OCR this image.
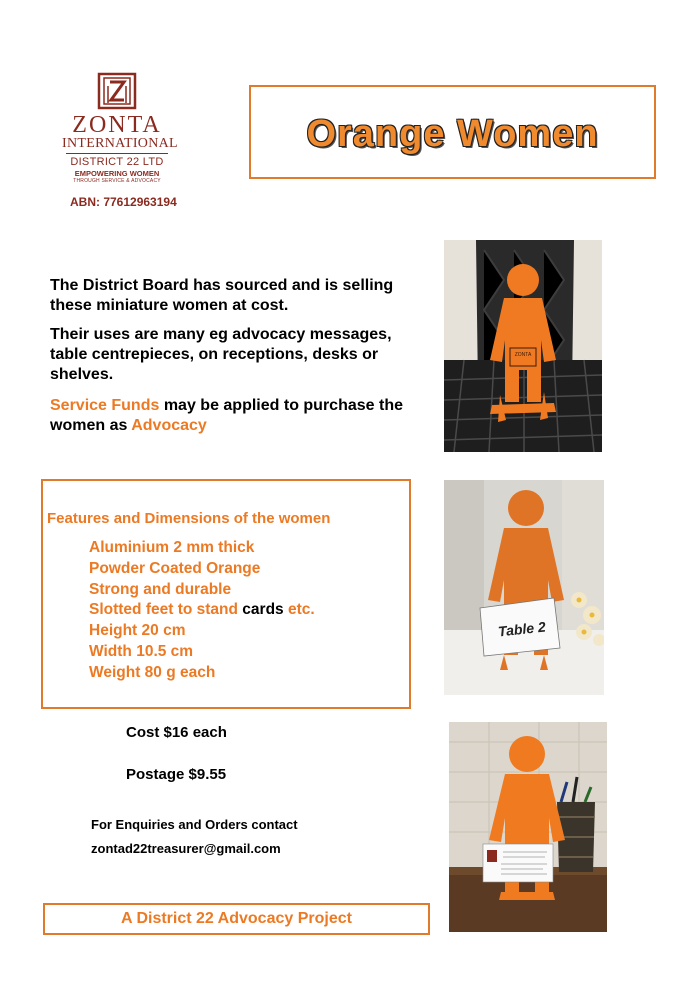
ZONTA
INTERNATIONAL
DISTRICT 22 LTD
EMPOWERING WOMEN
THROUGH SERVICE & ADVOCACY
ABN: 77612963194
Orange Women
The District Board has sourced and is selling these miniature women at cost.
Their uses are many eg advocacy messages, table centrepieces, on receptions, desks or shelves.
Service Funds may be applied to purchase the women as Advocacy
Features and Dimensions of the women
Aluminium 2 mm thick
Powder Coated Orange
Strong and durable
Slotted feet to stand cards etc.
Height 20 cm
Width 10.5 cm
Weight 80 g each
Cost $16 each
Postage $9.55
For Enquiries and Orders contact
zontad22treasurer@gmail.com
A District 22 Advocacy Project
ZONTA
Table 2
